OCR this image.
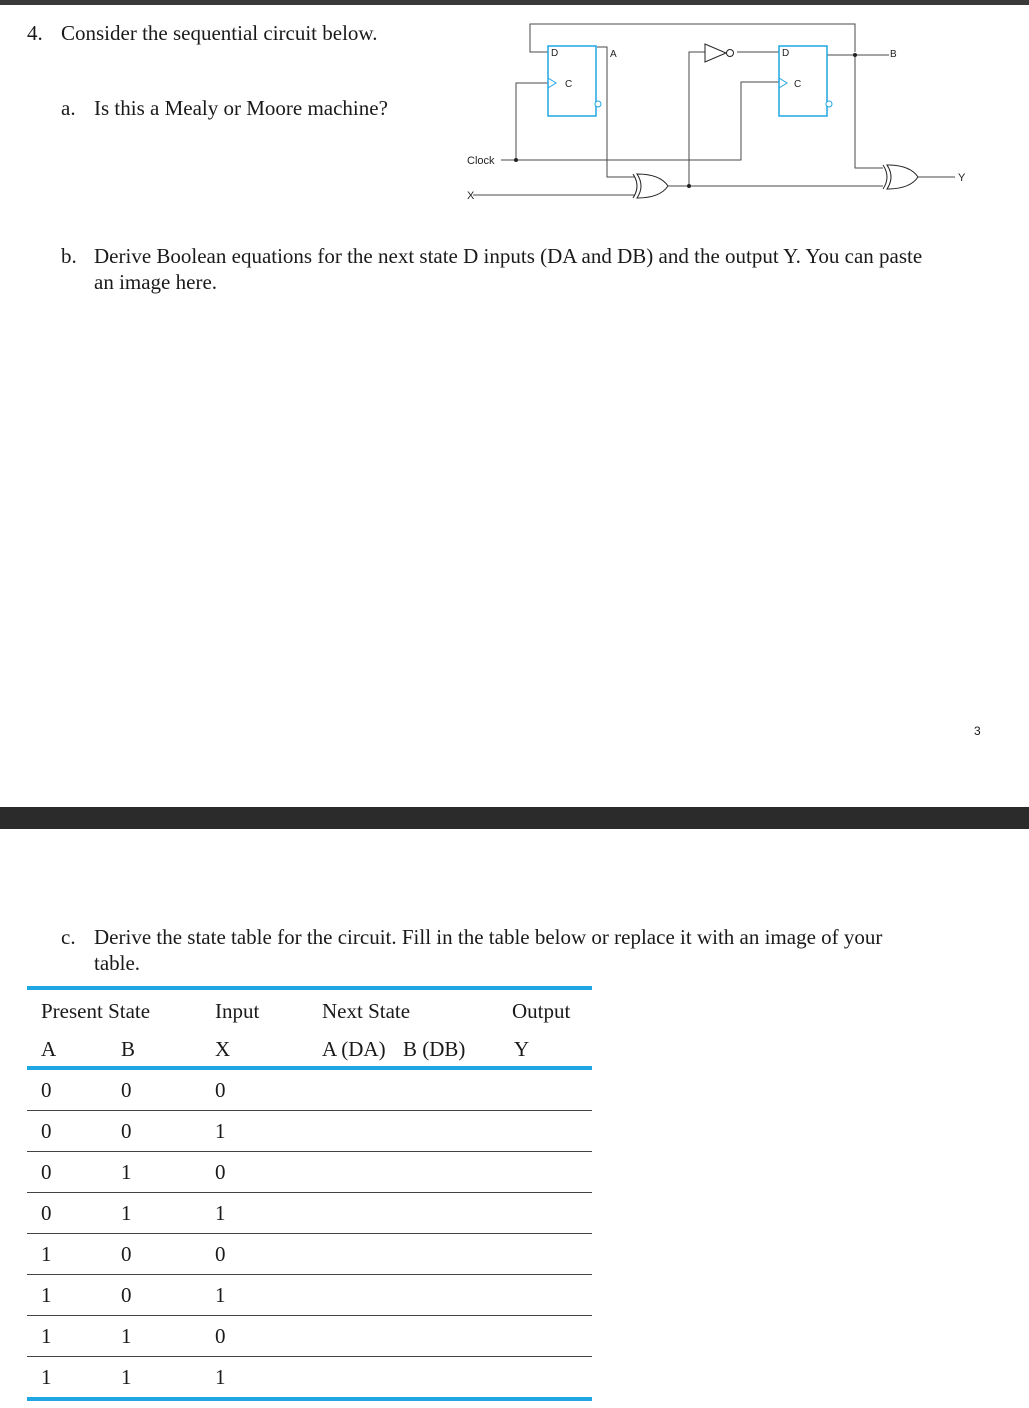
4. Consider the sequential circuit below.
a. Is this a Mealy or Moore machine?
D
C
A	D
C
B
Clock
X
Y
b. Derive Boolean equations for the next state D inputs (DA and DB) and the output Y. You can paste
an image here.
3
c. Derive the state table for the circuit. Fill in the table below or replace it with an image of your
table.
Present State	Input	Next State	Output
A	B	X	A (DA) B (DB) Y
0	0	0
0	0	1
0	1	0
0	1	1
1	0	0
1	0	1
1	1	0
1	1	1
